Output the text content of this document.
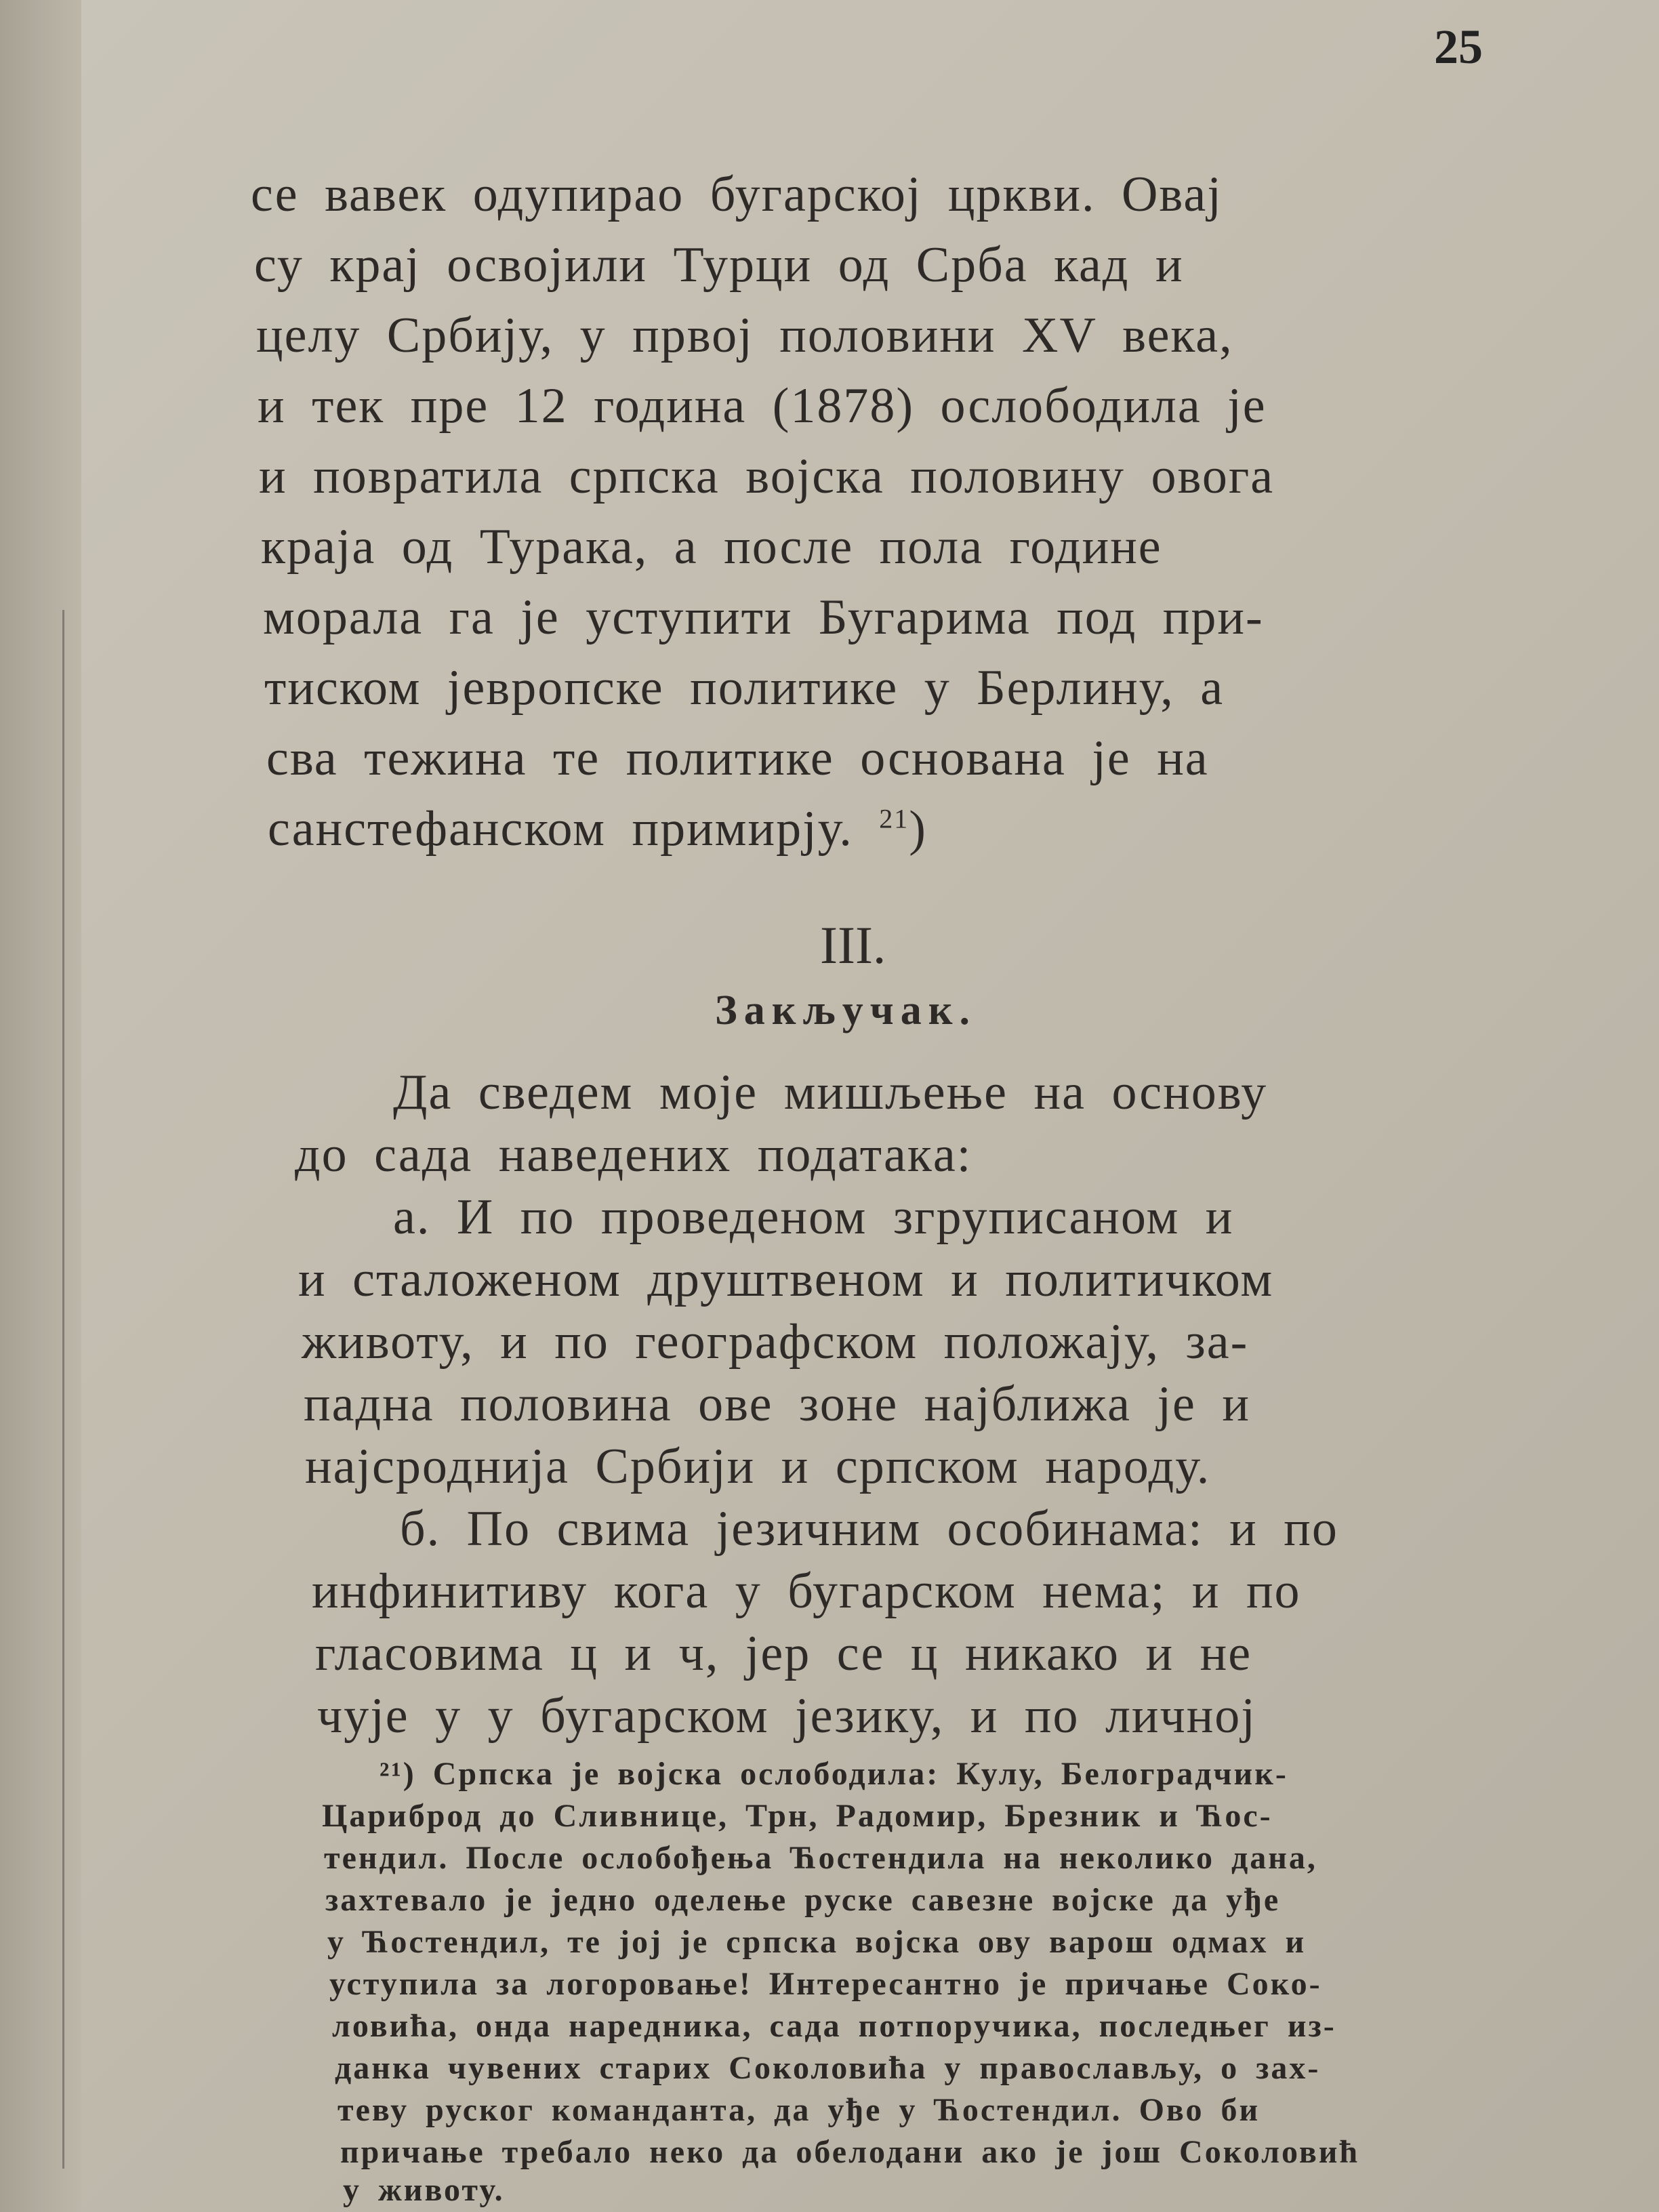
25

се вавек одупирао бугарској цркви. Овај

су крај освојили Турци од Срба кад и

целу Србију, у првој половини XV века,

и тек пре 12 година (1878) ослободила је

и повратила српска војска половину овога

краја од Турака, а после пола године

морала га је уступити Бугарима под при-

тиском јевропске политике у Берлину, а

сва тежина те политике основана је на

санстефанском примирју. $^{21}$)

III.
Закључак.

Да сведем моје мишљење на основу

до сада наведених податакa:

а. И по проведеном згруписаном и

и сталоженом друштвеном и политичком

животу, и по географском положају, за-

падна половина ове зоне најближа је и

најсроднија Србији и српском народу.

б. По свима језичним особинама: и по

инфинитиву кога у бугарском нема; и по

гласовима ц и ч, јер се ц никако и не

чује у у бугарском језику, и по личној

²¹) Српска је војска ослободила: Кулу, Белоградчик-

Цариброд до Сливнице, Трн, Радомир, Брезник и Ћос-

тендил. После ослобођења Ћостендила на неколико дана,

захтевало је једно оделење руске савезне војске да уђе

у Ћостендил, те јој је српска војска ову варош одмах и

уступила за логоровање! Интересантно је причање Соко-

ловића, онда наредника, сада потпоручика, последњег из-

данка чувених старих Соколовића у православљу, о зах-

теву руског команданта, да уђе у Ћостендил. Ово би

причање требало неко да обелодани ако је још Соколовић

у животу.
